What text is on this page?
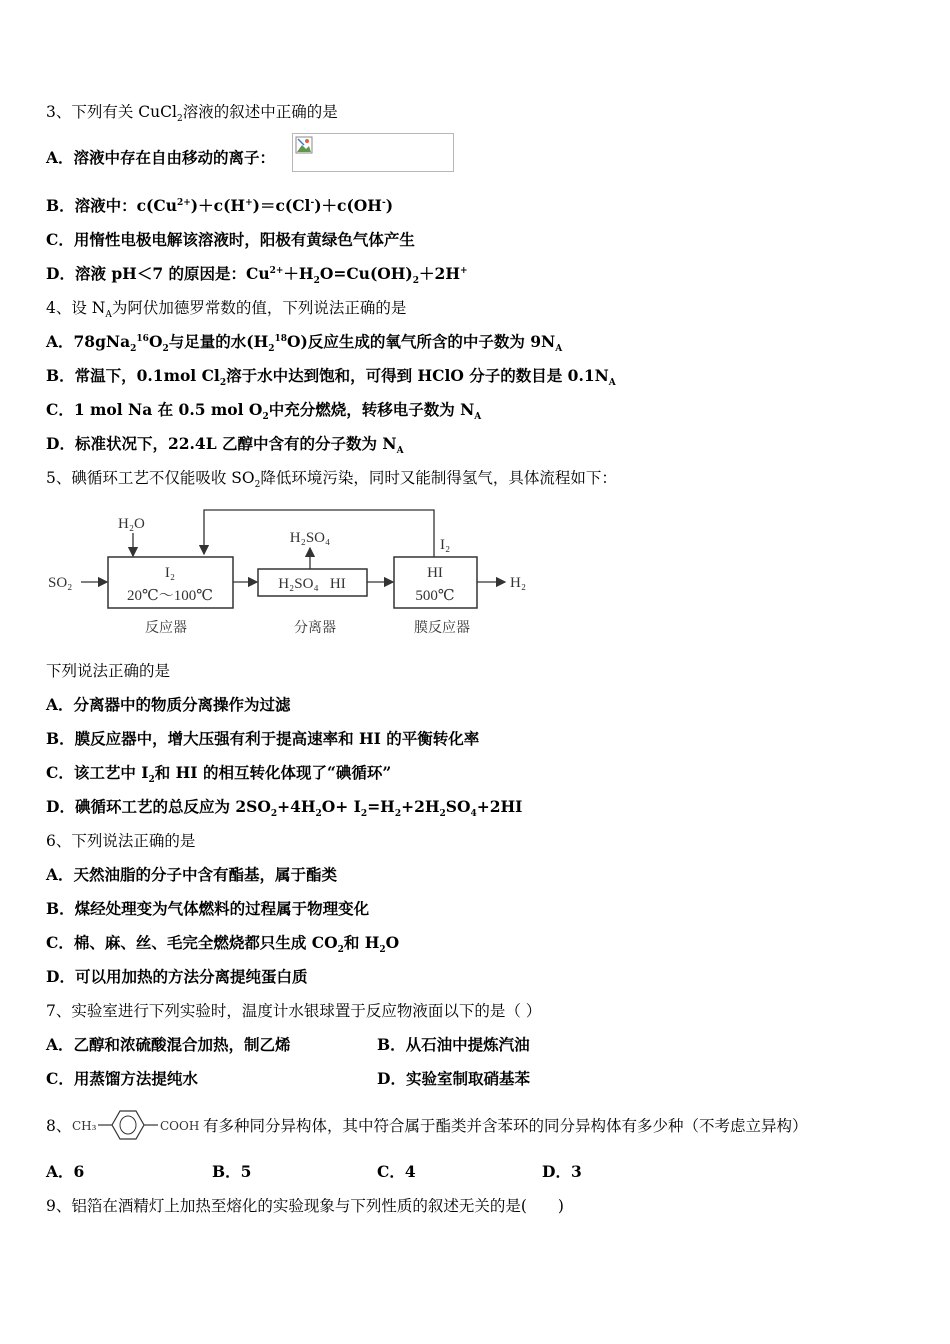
3、下列有关 CuCl$_2$溶液的叙述中正确的是
A．溶液中存在自由移动的离子：
B．溶液中：$c(Cu^{2+})+c(H^+)=c(Cl^-)+c(OH^-)$
C．用惰性电极电解该溶液时，阳极有黄绿色气体产生
D．溶液 pH＜7 的原因是：$Cu^{2+}+H_2O=Cu(OH)_2+2H^+$
4、设 $N_A$为阿伏加德罗常数的值，下列说法正确的是
A．$78gNa_2^{16}O_2$与足量的水$(H_2^{18}O)$反应生成的氧气所含的中子数为 $9N_A$
B．常温下，0.1mol $Cl_2$溶于水中达到饱和，可得到 HClO 分子的数目是 $0.1N_A$
C．1 mol Na 在 0.5 mol $O_2$中充分燃烧，转移电子数为 $N_A$
D．标准状况下，22.4L 乙醇中含有的分子数为 $N_A$
5、碘循环工艺不仅能吸收 $SO_2$降低环境污染，同时又能制得氢气，具体流程如下：
SO₂
H₂O
I₂
I₂
20℃～100℃
H₂SO₄   HI
H₂SO₄
HI
500℃
H₂
反应器	分离器	膜反应器
下列说法正确的是
A．分离器中的物质分离操作为过滤
B．膜反应器中，增大压强有利于提高速率和 HI 的平衡转化率
C．该工艺中 $I_2$和 HI 的相互转化体现了“碘循环”
D．碘循环工艺的总反应为 $2SO_2+4H_2O+ I_2=H_2+2H_2SO_4+2HI$
6、下列说法正确的是
A．天然油脂的分子中含有酯基，属于酯类
B．煤经处理变为气体燃料的过程属于物理变化
C．棉、麻、丝、毛完全燃烧都只生成 $CO_2$和 $H_2O$
D．可以用加热的方法分离提纯蛋白质
7、实验室进行下列实验时，温度计水银球置于反应物液面以下的是（ ）
A．乙醇和浓硫酸混合加热，制乙烯	B．从石油中提炼汽油
C．用蒸馏方法提纯水	D．实验室制取硝基苯
8、 CH₃	COOH 有多种同分异构体，其中符合属于酯类并含苯环的同分异构体有多少种（不考虑立异构）
A．6	B．5	C．4	D．3
9、铝箔在酒精灯上加热至熔化的实验现象与下列性质的叙述无关的是(　　)
